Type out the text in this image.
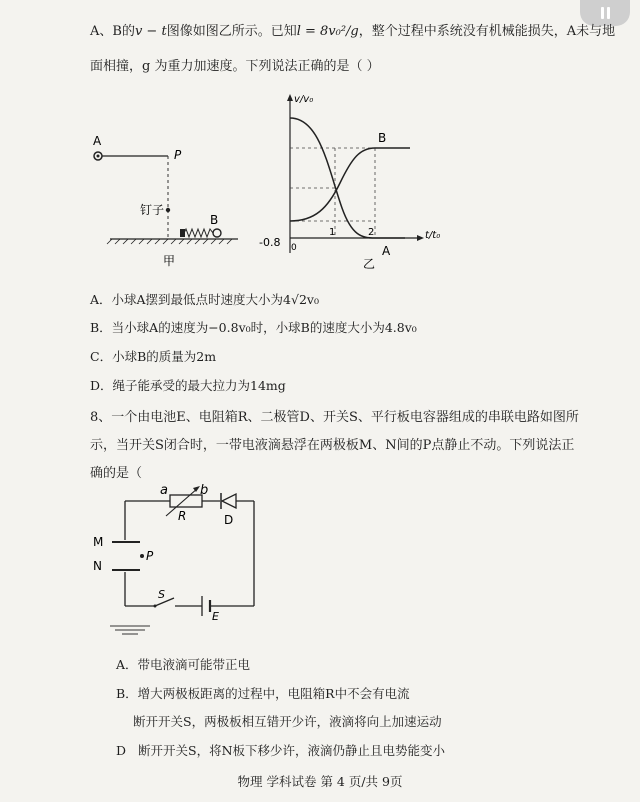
A、B的v − t图像如图乙所示。已知l = 8v₀²/g，整个过程中系统没有机械能损失，A未与地
面相撞，g 为重力加速度。下列说法正确的是（ ）
A
P
钉子
B
甲
v/v₀
t/t₀
1	2
-0.8 0
B
A
乙
A．小球A摆到最低点时速度大小为4√2v₀
B．当小球A的速度为−0.8v₀时，小球B的速度大小为4.8v₀
C．小球B的质量为2m
D．绳子能承受的最大拉力为14mg
8、一个由电池E、电阻箱R、二极管D、开关S、平行板电容器组成的串联电路如图所
示，当开关S闭合时，一带电液滴悬浮在两极板M、N间的P点静止不动。下列说法正
确的是（
a b
R	D
M
N
P
S
E
A．带电液滴可能带正电
B．增大两极板距离的过程中，电阻箱R中不会有电流
断开开关S，两极板相互错开少许，液滴将向上加速运动
D 断开开关S，将N板下移少许，液滴仍静止且电势能变小
物理 学科试卷 第 4 页/共 9页
